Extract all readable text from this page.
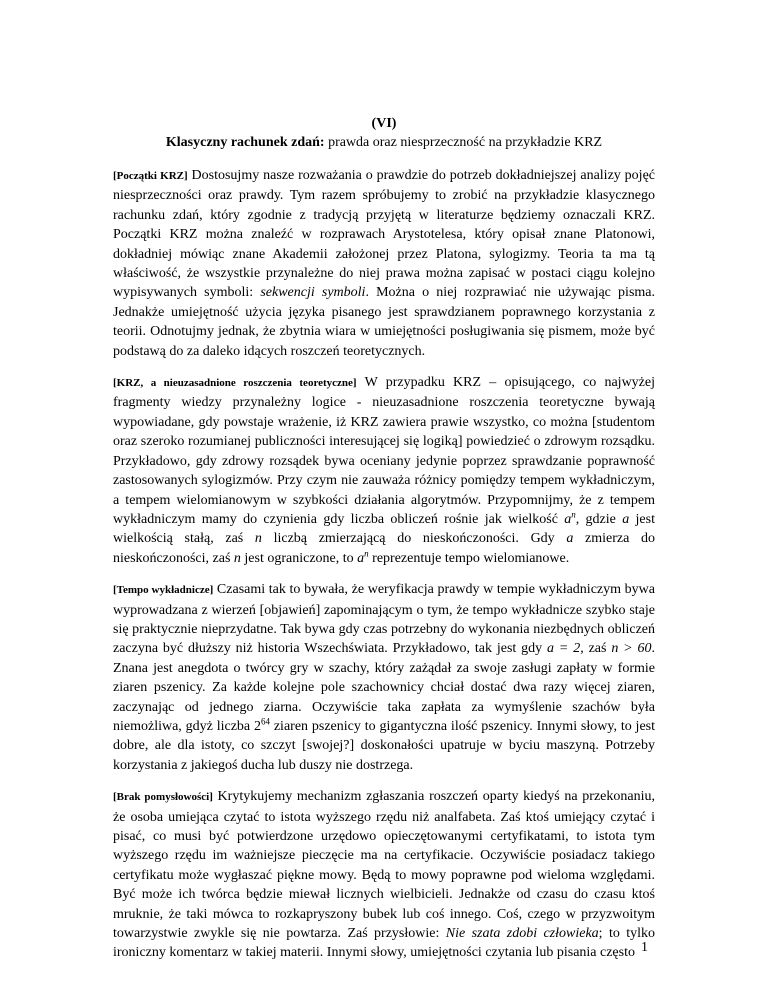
(VI)
Klasyczny rachunek zdań: prawda oraz niesprzeczność na przykładzie KRZ

[Początki KRZ] Dostosujmy nasze rozważania o prawdzie do potrzeb dokładniejszej analizy pojęć niesprzeczności oraz prawdy. Tym razem spróbujemy to zrobić na przykładzie klasycznego rachunku zdań, który zgodnie z tradycją przyjętą w literaturze będziemy oznaczali KRZ. Początki KRZ można znaleźć w rozprawach Arystotelesa, który opisał znane Platonowi, dokładniej mówiąc znane Akademii założonej przez Platona, sylogizmy. Teoria ta ma tą właściwość, że wszystkie przynależne do niej prawa można zapisać w postaci ciągu kolejno wypisywanych symboli: sekwencji symboli. Można o niej rozprawiać nie używając pisma. Jednakże umiejętność użycia języka pisanego jest sprawdzianem poprawnego korzystania z teorii. Odnotujmy jednak, że zbytnia wiara w umiejętności posługiwania się pismem, może być podstawą do za daleko idących roszczeń teoretycznych.

[KRZ, a nieuzasadnione roszczenia teoretyczne] W przypadku KRZ – opisującego, co najwyżej fragmenty wiedzy przynależny logice - nieuzasadnione roszczenia teoretyczne bywają wypowiadane, gdy powstaje wrażenie, iż KRZ zawiera prawie wszystko, co można [studentom oraz szeroko rozumianej publiczności interesującej się logiką] powiedzieć o zdrowym rozsądku. Przykładowo, gdy zdrowy rozsądek bywa oceniany jedynie poprzez sprawdzanie poprawność zastosowanych sylogizmów. Przy czym nie zauważa różnicy pomiędzy tempem wykładniczym, a tempem wielomianowym w szybkości działania algorytmów. Przypomnijmy, że z tempem wykładniczym mamy do czynienia gdy liczba obliczeń rośnie jak wielkość $a^n$, gdzie a jest wielkością stałą, zaś n liczbą zmierzającą do nieskończoności. Gdy a zmierza do nieskończoności, zaś n jest ograniczone, to $a^n$ reprezentuje tempo wielomianowe.

[Tempo wykładnicze] Czasami tak to bywała, że weryfikacja prawdy w tempie wykładniczym bywa wyprowadzana z wierzeń [objawień] zapominającym o tym, że tempo wykładnicze szybko staje się praktycznie nieprzydatne. Tak bywa gdy czas potrzebny do wykonania niezbędnych obliczeń zaczyna być dłuższy niż historia Wszechświata. Przykładowo, tak jest gdy a = 2, zaś n > 60. Znana jest anegdota o twórcy gry w szachy, który zażądał za swoje zasługi zapłaty w formie ziaren pszenicy. Za każde kolejne pole szachownicy chciał dostać dwa razy więcej ziaren, zaczynając od jednego ziarna. Oczywiście taka zapłata za wymyślenie szachów była niemożliwa, gdyż liczba $2^{64}$ ziaren pszenicy to gigantyczna ilość pszenicy. Innymi słowy, to jest dobre, ale dla istoty, co szczyt [swojej?] doskonałości upatruje w byciu maszyną. Potrzeby korzystania z jakiegoś ducha lub duszy nie dostrzega.

[Brak pomysłowości] Krytykujemy mechanizm zgłaszania roszczeń oparty kiedyś na przekonaniu, że osoba umiejąca czytać to istota wyższego rzędu niż analfabeta. Zaś ktoś umiejący czytać i pisać, co musi być potwierdzone urzędowo opieczętowanymi certyfikatami, to istota tym wyższego rzędu im ważniejsze pieczęcie ma na certyfikacie. Oczywiście posiadacz takiego certyfikatu może wygłaszać piękne mowy. Będą to mowy poprawne pod wieloma względami. Być może ich twórca będzie miewał licznych wielbicieli. Jednakże od czasu do czasu ktoś mruknie, że taki mówca to rozkapryszony bubek lub coś innego. Coś, czego w przyzwoitym towarzystwie zwykle się nie powtarza. Zaś przysłowie: Nie szata zdobi człowieka; to tylko ironiczny komentarz w takiej materii. Innymi słowy, umiejętności czytania lub pisania często 1
